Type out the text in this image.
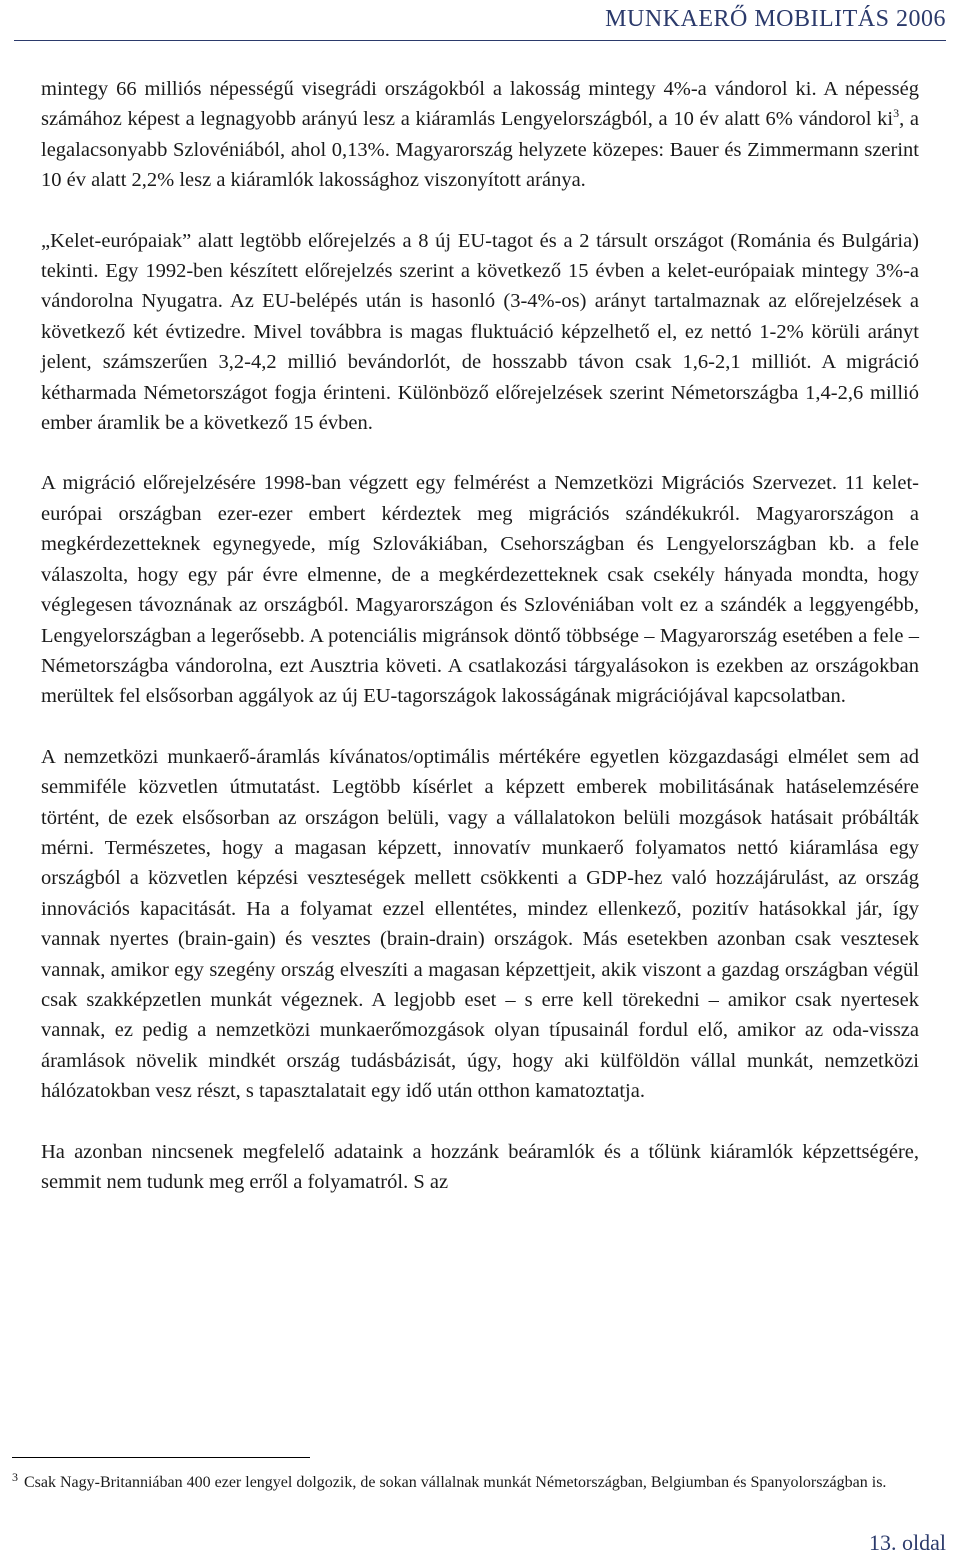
MUNKAERŐ MOBILITÁS 2006

mintegy 66 milliós népességű visegrádi országokból a lakosság mintegy 4%-a vándorol ki. A népesség számához képest a legnagyobb arányú lesz a kiáramlás Lengyelországból, a 10 év alatt 6% vándorol $ki^3$, a legalacsonyabb Szlovéniából, ahol 0,13%. Magyarország helyzete közepes: Bauer és Zimmermann szerint 10 év alatt 2,2% lesz a kiáramlók lakossághoz viszonyított aránya.

„Kelet-európaiak” alatt legtöbb előrejelzés a 8 új EU-tagot és a 2 társult országot (Románia és Bulgária) tekinti. Egy 1992-ben készített előrejelzés szerint a következő 15 évben a kelet-európaiak mintegy 3%-a vándorolna Nyugatra. Az EU-belépés után is hasonló (3-4%-os) arányt tartalmaznak az előrejelzések a következő két évtizedre. Mivel továbbra is magas fluktuáció képzelhető el, ez nettó 1-2% körüli arányt jelent, számszerűen 3,2-4,2 millió bevándorlót, de hosszabb távon csak 1,6-2,1 milliót. A migráció kétharmada Németországot fogja érinteni. Különböző előrejelzések szerint Németországba 1,4-2,6 millió ember áramlik be a következő 15 évben.

A migráció előrejelzésére 1998-ban végzett egy felmérést a Nemzetközi Migrációs Szervezet. 11 kelet-európai országban ezer-ezer embert kérdeztek meg migrációs szándékukról. Magyarországon a megkérdezetteknek egynegyede, míg Szlovákiában, Csehországban és Lengyelországban kb. a fele válaszolta, hogy egy pár évre elmenne, de a megkérdezetteknek csak csekély hányada mondta, hogy véglegesen távoznának az országból. Magyarországon és Szlovéniában volt ez a szándék a leggyengébb, Lengyelországban a legerősebb. A potenciális migránsok döntő többsége – Magyarország esetében a fele – Németországba vándorolna, ezt Ausztria követi. A csatlakozási tárgyalásokon is ezekben az országokban merültek fel elsősorban aggályok az új EU-tagországok lakosságának migrációjával kapcsolatban.

A nemzetközi munkaerő-áramlás kívánatos/optimális mértékére egyetlen közgazdasági elmélet sem ad semmiféle közvetlen útmutatást. Legtöbb kísérlet a képzett emberek mobilitásának hatáselemzésére történt, de ezek elsősorban az országon belüli, vagy a vállalatokon belüli mozgások hatásait próbálták mérni. Természetes, hogy a magasan képzett, innovatív munkaerő folyamatos nettó kiáramlása egy országból a közvetlen képzési veszteségek mellett csökkenti a GDP-hez való hozzájárulást, az ország innovációs kapacitását. Ha a folyamat ezzel ellentétes, mindez ellenkező, pozitív hatásokkal jár, így vannak nyertes (brain-gain) és vesztes (brain-drain) országok. Más esetekben azonban csak vesztesek vannak, amikor egy szegény ország elveszíti a magasan képzettjeit, akik viszont a gazdag országban végül csak szakképzetlen munkát végeznek. A legjobb eset – s erre kell törekedni – amikor csak nyertesek vannak, ez pedig a nemzetközi munkaerőmozgások olyan típusainál fordul elő, amikor az oda-vissza áramlások növelik mindkét ország tudásbázisát, úgy, hogy aki külföldön vállal munkát, nemzetközi hálózatokban vesz részt, s tapasztalatait egy idő után otthon kamatoztatja.

Ha azonban nincsenek megfelelő adataink a hozzánk beáramlók és a tőlünk kiáramlók képzettségére, semmit nem tudunk meg erről a folyamatról. S az

$^3$ Csak Nagy-Britanniában 400 ezer lengyel dolgozik, de sokan vállalnak munkát Németországban, Belgiumban és Spanyolországban is.
13. oldal
